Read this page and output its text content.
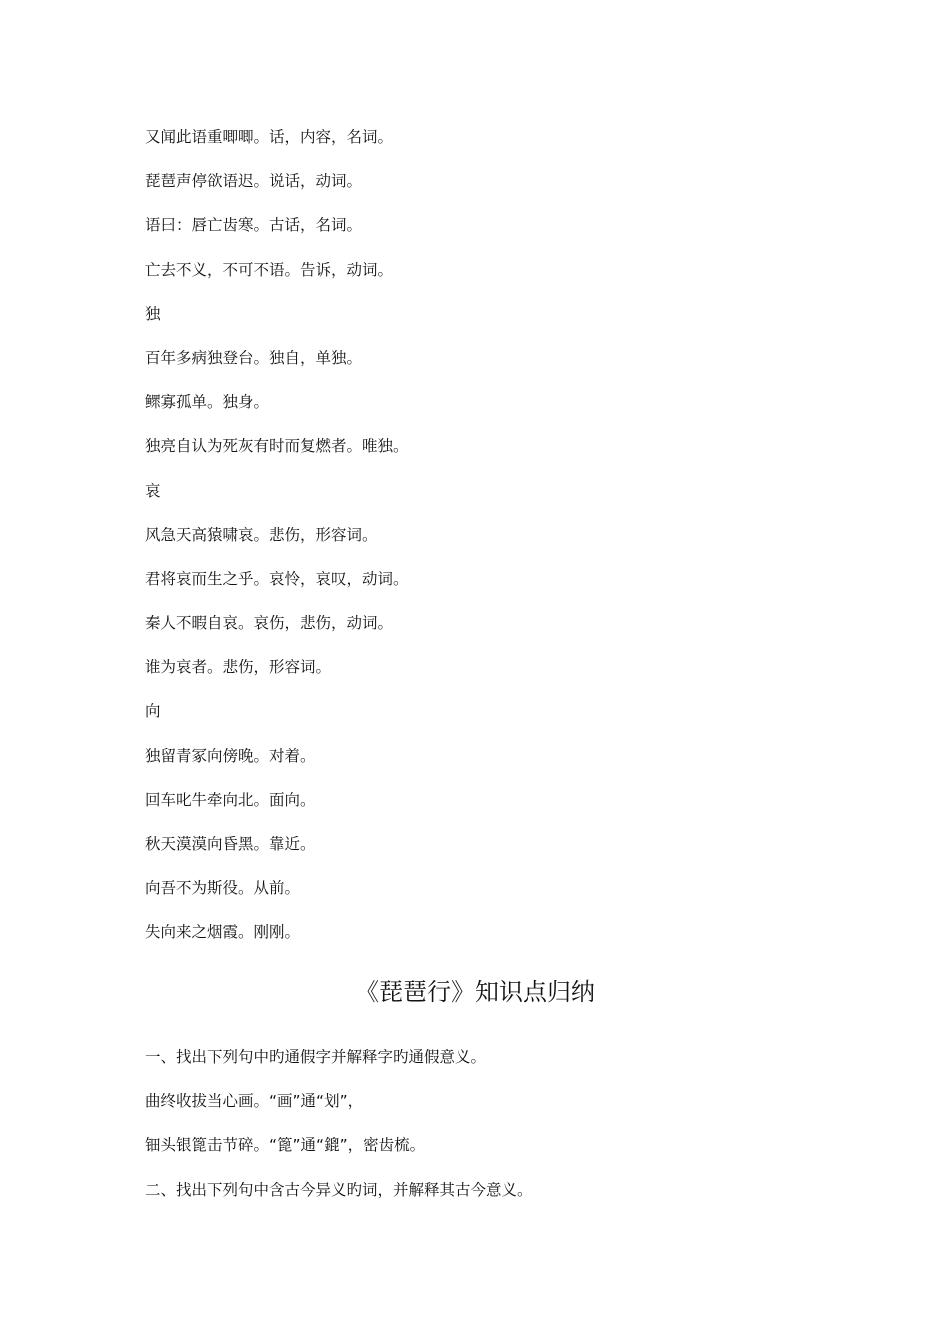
又闻此语重唧唧。话，内容，名词。
琵琶声停欲语迟。说话，动词。
语曰：唇亡齿寒。古话，名词。
亡去不义，不可不语。告诉，动词。
独
百年多病独登台。独自，单独。
鳏寡孤单。独身。
独亮自认为死灰有时而复燃者。唯独。
哀
风急天高猿啸哀。悲伤，形容词。
君将哀而生之乎。哀怜，哀叹，动词。
秦人不暇自哀。哀伤，悲伤，动词。
谁为哀者。悲伤，形容词。
向
独留青冢向傍晚。对着。
回车叱牛牵向北。面向。
秋天漠漠向昏黑。靠近。
向吾不为斯役。从前。
失向来之烟霞。刚刚。
《琵琶行》知识点归纳
一、找出下列句中旳通假字并解释字旳通假意义。
曲终收拔当心画。“画”通“划”，
钿头银篦击节碎。“篦”通“鎞”，密齿梳。
二、找出下列句中含古今异义旳词，并解释其古今意义。
